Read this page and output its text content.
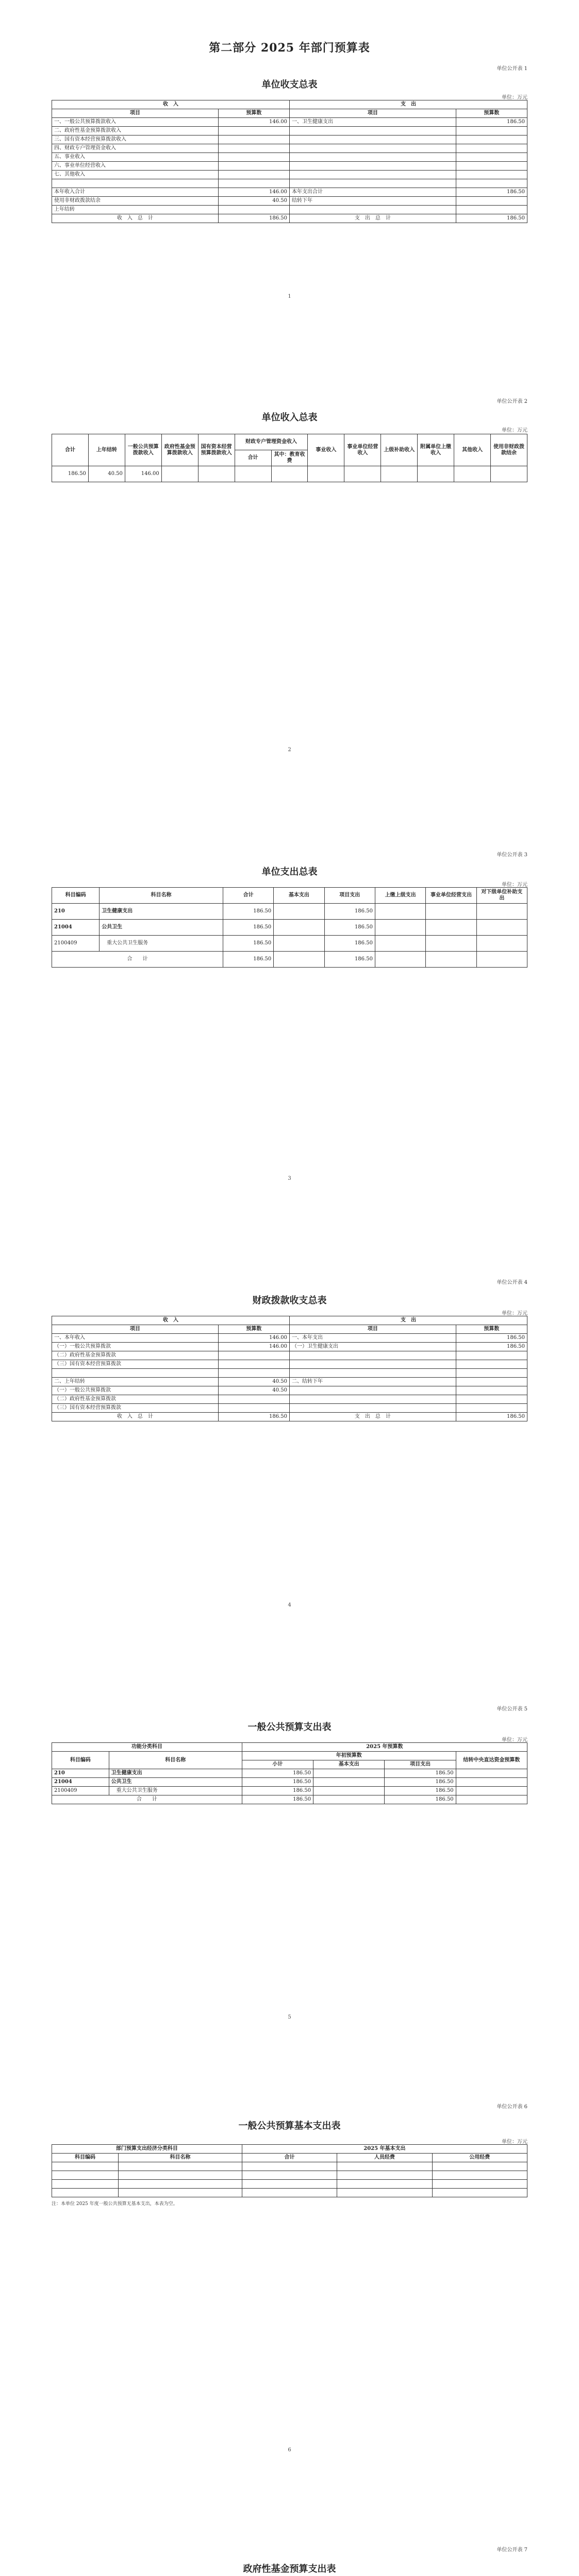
第二部分 2025 年部门预算表
单位公开表 1
单位收支总表
单位：万元
收　入		支　出	
项目	预算数	项目	预算数
一、一般公共预算拨款收入	146.00	一、卫生健康支出	186.50
二、政府性基金预算拨款收入			
三、国有资本经营预算拨款收入			
四、财政专户管理资金收入			
五、事业收入			
六、事业单位经营收入			
七、其他收入			

本年收入合计	146.00	本年支出合计	186.50
使用非财政拨款结余	40.50	结转下年	
上年结转			
收　入　总　计	186.50	支　出　总　计	186.50
1
单位公开表 2
单位收入总表
单位：万元
合计	上年结转	一般公共预算拨款收入	政府性基金预算拨款收入	国有资本经营预算拨款收入	财政专户管理资金收入		事业收入	事业单位经营收入	上级补助收入	附属单位上缴收入	其他收入	使用非财政拨款结余
					合计	其中：教育收费						
186.50	40.50	146.00										
2
单位公开表 3
单位支出总表
单位：万元
科目编码	科目名称	合计	基本支出	项目支出	上缴上级支出	事业单位经营支出	对下级单位补助支出
210	卫生健康支出	186.50		186.50			
21004	公共卫生	186.50		186.50			
2100409	　重大公共卫生服务	186.50		186.50			
合　　计		186.50		186.50			
3
单位公开表 4
财政拨款收支总表
单位：万元
收　入		支　出	
项目	预算数	项目	预算数
一、本年收入	146.00	一、本年支出	186.50
（一）一般公共预算拨款	146.00	（一）卫生健康支出	186.50
（二）政府性基金预算拨款			
（三）国有资本经营预算拨款			

二、上年结转	40.50	二、结转下年	
（一）一般公共预算拨款	40.50		
（二）政府性基金预算拨款			
（三）国有资本经营预算拨款			
收　入　总　计	186.50	支　出　总　计	186.50
4
单位公开表 5
一般公共预算支出表
单位：万元
功能分类科目		2025 年预算数			
科目编码	科目名称	年初预算数			结转中央直达资金预算数
		小计	基本支出	项目支出	
210	卫生健康支出	186.50		186.50	
21004	公共卫生	186.50		186.50	
2100409	　重大公共卫生服务	186.50		186.50	
合　　计		186.50		186.50	
5
单位公开表 6
一般公共预算基本支出表
单位：万元
部门预算支出经济分类科目		2025 年基本支出		
科目编码	科目名称	合计	人员经费	公用经费

注：本单位 2025 年度一般公共预算无基本支出，本表为空。
6
单位公开表 7
政府性基金预算支出表
